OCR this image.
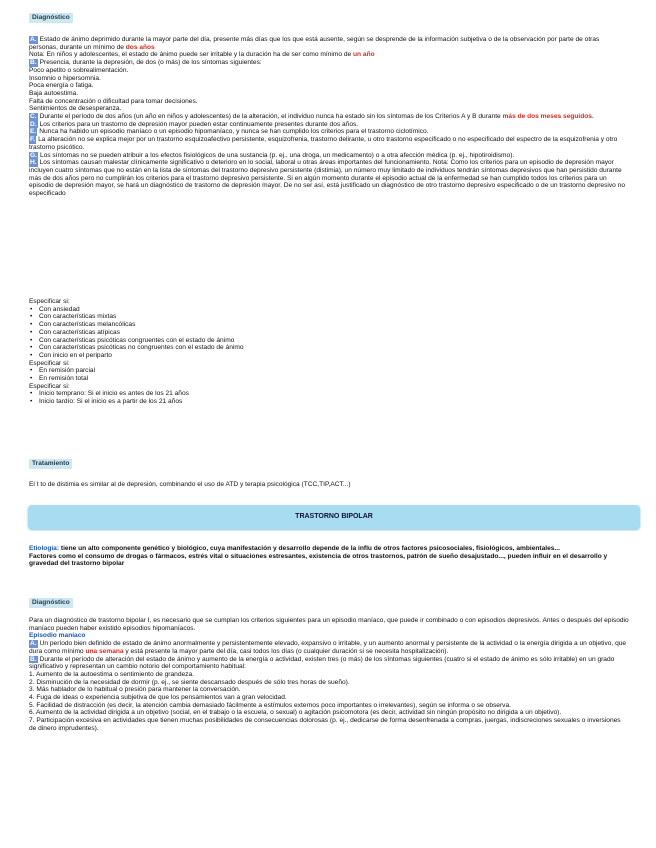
Diagnóstico
A. Estado de ánimo deprimido durante la mayor parte del día, presente más días que los que está ausente, según se desprende de la información subjetiva o de la observación por parte de otras personas, durante un mínimo de dos años
Nota: En niños y adolescentes, el estado de ánimo puede ser irritable y la duración ha de ser como mínimo de un año
B. Presencia, durante la depresión, de dos (o más) de los síntomas siguientes:
Poco apetito o sobrealimentación.
Insomnio o hipersomnia.
Poca energía o fatiga.
Baja autoestima.
Falta de concentración o dificultad para tomar decisiones.
Sentimientos de desesperanza.
C. Durante el período de dos años (un año en niños y adolescentes) de la alteración, el individuo nunca ha estado sin los síntomas de los Criterios A y B durante más de dos meses seguidos.
D. Los criterios para un trastorno de depresión mayor pueden estar continuamente presentes durante dos años.
E. Nunca ha habido un episodio maníaco o un episodio hipomaníaco, y nunca se han cumplido los criterios para el trastorno ciclotímico.
F. La alteración no se explica mejor por un trastorno esquizoafectivo persistente, esquizofrenia, trastorno delirante, u otro trastorno especificado o no especificado del espectro de la esquizofrenia y otro trastorno psicótico.
G. Los síntomas no se pueden atribuir a los efectos fisiológicos de una sustancia (p. ej., una droga, un medicamento) o a otra afección médica (p. ej., hipotiroidismo).
H. Los síntomas causan malestar clínicamente significativo o deterioro en lo social, laboral u otras áreas importantes del funcionamiento. Nota: Como los criterios para un episodio de depresión mayor incluyen cuatro síntomas que no están en la lista de síntomas del trastorno depresivo persistente (distimia), un número muy limitado de individuos tendrán síntomas depresivos que han persistido durante más de dos años pero no cumplirán los criterios para el trastorno depresivo persistente. Si en algún momento durante el episodio actual de la enfermedad se han cumplido todos los criterios para un episodio de depresión mayor, se hará un diagnóstico de trastorno de depresión mayor. De no ser así, está justificado un diagnóstico de otro trastorno depresivo especificado o de un trastorno depresivo no especificado
Especificar si:
• Con ansiedad
• Con características mixtas
• Con características melancólicas
• Con características atípicas
• Con características psicóticas congruentes con el estado de ánimo
• Con características psicóticas no congruentes con el estado de ánimo
• Con inicio en el periparto
Especificar si:
• En remisión parcial
• En remisión total
Especificar si:
• Inicio temprano: Si el inicio es antes de los 21 años
• Inicio tardío: Si el inicio es a partir de los 21 años
Tratamiento
El t to de distimia es similar al de depresión, combinando el uso de ATD y terapia psicológica (TCC,TIP,ACT...)
TRASTORNO BIPOLAR
Etiología: tiene un alto componente genético y biológico, cuya manifestación y desarrollo depende de la influ de otros factores psicosociales, fisiológicos, ambientales...
Factores como el consumo de drogas o fármacos, estrés vital o situaciones estresantes, existencia de otros trastornos, patrón de sueño desajustado..., pueden influir en el desarrollo y gravedad del trastorno bipolar
Diagnóstico
Para un diagnóstico de trastorno bipolar I, es necesario que se cumplan los criterios siguientes para un episodio maníaco, que puede ir combinado o con episodios depresivos. Antes o después del episodio maníaco pueden haber existido episodios hipomaníacos.
Episodio maníaco
A. Un período bien definido de estado de ánimo anormalmente y persistentemente elevado, expansivo o irritable, y un aumento anormal y persistente de la actividad o la energía dirigida a un objetivo, que dura como mínimo una semana y está presente la mayor parte del día, casi todos los días (o cualquier duración si se necesita hospitalización).
B. Durante el período de alteración del estado de ánimo y aumento de la energía o actividad, existen tres (o más) de los síntomas siguientes (cuatro si el estado de ánimo es sólo irritable) en un grado significativo y representan un cambio notorio del comportamiento habitual:
1. Aumento de la autoestima o sentimiento de grandeza.
2. Disminución de la necesidad de dormir (p. ej., se siente descansado después de sólo tres horas de sueño).
3. Más hablador de lo habitual o presión para mantener la conversación.
4. Fuga de ideas o experiencia subjetiva de que los pensamientos van a gran velocidad.
5. Facilidad de distracción (es decir, la atención cambia demasiado fácilmente a estímulos externos poco importantes o irrelevantes), según se informa o se observa.
6. Aumento de la actividad dirigida a un objetivo (social, en el trabajo o la escuela, o sexual) o agitación psicomotora (es decir, actividad sin ningún propósito no dirigida a un objetivo).
7. Participación excesiva en actividades que tienen muchas posibilidades de consecuencias dolorosas (p. ej., dedicarse de forma desenfrenada a compras, juergas, indiscreciones sexuales o inversiones de dinero imprudentes).
